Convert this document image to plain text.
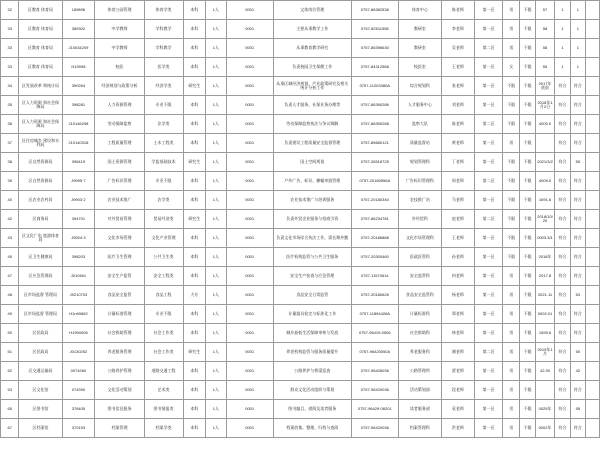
32	区教育 体育局	189896	体育公园管理	体育学类	本科	1人	0001	文体岗位管理	0757-86382538	体育中心	陈老师	第一区	男	不限	57	1	1	
33	区教育 体育局	389302	中学教师	学科教学	本科	1人	0001	主要从事教学工作	0757-82511558	教研室	李老师	第一区	男	不限	58	1	1	
33	区教育 体育局	J10034209	中学教师	学科教学	本科	1人	0001	从事教育教学研究	0757-86396630	教研室	吴老师	第二区	男	不限	58	1	1	
33	区教育 体育局	H19098	校医	医学类	本科	1人	0001	负责校园卫生保健工作	0757-84312568	校医室	王老师	第一区	女	不限	55	1	1	
34	区发展改革 和统计局	390264	经济规划与政策分析	经济学类	研究生	1人	0001	从事区域经济规划、产业政策研究及相关统计分析工作	0757-11203380A	综合规划科	张老师	第一区	不限	不限	2017年底前	符合	符合	
35	区人力资源 和社会保障局	398281	人力资源管理	专业不限	本科	1人	0001	负责人才服务、社保业务办理等	0757-86390286	人才服务中心	刘老师	第一区	不限	不限	2018年1月2日	符合	符合	
36	区人力资源 和社会保障局	J10146298	劳动保障监察	法学类	本科	1人	0001	劳动保障监察执法与争议调解	0757-86390288	监察大队	陈老师	第二区	不限	不限	4000.0	符合	符合	
37	区住房城乡 建设和水利局	J10140318	工程质量管理	土木工程类	本科	1人	0001	负责建设工程质量安全监督管理	0757-85680121	质量监督站	黄老师	第一区	男	不限		符合	符合	
38	区自然资源局	396419	国土资源管理	学监基础技术	研究生	1人	0001	国土空间规划	0757-26518725	规划管理科	丁老师	第一区	不限	不限	2021/3/2	符合	55	
39	区自然资源局	J9995·7	广告标识管理	专业不限	本科	1人	0001	户外广告、标识、横幅审批管理	0757-20180556A	广告标识管理科	周老师	第二区	不限	不限	4009.0	符合	符合	
40	区农业农村局	J9903·2	农业技术推广	农学类	本科	1人	0001	农业技术推广与培训服务	0757-20180340	农技推广站	马老师	第一区	不限	不限	1691.6	符合	符合	
42	区商务局	394701	对外贸易管理	贸易经济类	研究生	1人	0001	负责外贸企业服务与招商引资	0757-86234781	外经贸科	赵老师	第二区	不限	不限	2018/10/20	符合	符合	
43	区文化广电 旅游体育局	J9924·3	文化市场管理	文化产业管理	本科	1人	0001	负责文化市场综合执法工作，需长期外勤	0757-20186888	文化市场管理科	王老师	第一区	不限	不限	0003.3/1	符合	符合	
45	区卫生健康局	398203	医疗卫生管理	公共卫生类	本科	1人	0001	医疗机构监管与公共卫生服务	0757-20300460	医政医管科	孙老师	第一区	不限	不限	2018年	符合	符合	
47	区应急管理局	J010461	安全生产监管	安全工程类	本科	1人	0001	安全生产检查与应急管理	0757-11570614	安全监管科	何老师	第一区	男	不限	2017.8	符合	符合	
48	区市场监督 管理局	J9210703	食品安全监管	食品工程	大专	1人	0001	食品安全日常监管	0757-20180626	食品安全监管科	杨老师	第一区	男	不限	2021.11	符合	53	
49	区市场监督 管理局	H1n90662	计量标准管理	专业不限	本科	1人	0001	计量器具检定与标准化工作	0757-11894426A	计量标准科	郑老师	第一区	男	不限	0002.01	符合	符合	
50	区民政局	H1990006	社会救助管理	社会工作类	本科	1人	0001	城乡最低生活保障审核与发放	0757-96419-0506	社会救助科	林老师	第一区	男	不限	1695.6	符合	符合	
51	区民政局	J0130252	养老服务管理	社会工作类	研究生	1人	0001	养老机构监管与服务质量提升	0757-96420050A	养老服务科	谢老师	第二区	男	不限	2019年1月	符合	50	
52	区交通运输局	0974260	公路养护管理	道路交通工程	本科	1人	0001	公路养护与桥梁巡查	0757-96426036	公路管理所	贾老师	第一区	男	不限	42.00	符合	42	
53	区文化馆	074390	文化活动策划	艺术类	本科	1人	0001	群众文化活动组织与策划	0757-96420036	活动策划部	段老师	第一区	男	不限		符合	符合	
65	区图书馆	376405	图书信息服务	图书情报类	本科	1人	0001	图书编目、借阅及读者服务	0757-96429·08201	读者服务部	袁老师	第一区	男	不限	0025年	符合	55	
67	区档案馆	370193	档案管理	档案学类	本科	1人	0001	档案收集、整理、归档与查阅	0757-96420036	档案管理科	洪老师	第一区	男	不限	0002年	符合	符合	
